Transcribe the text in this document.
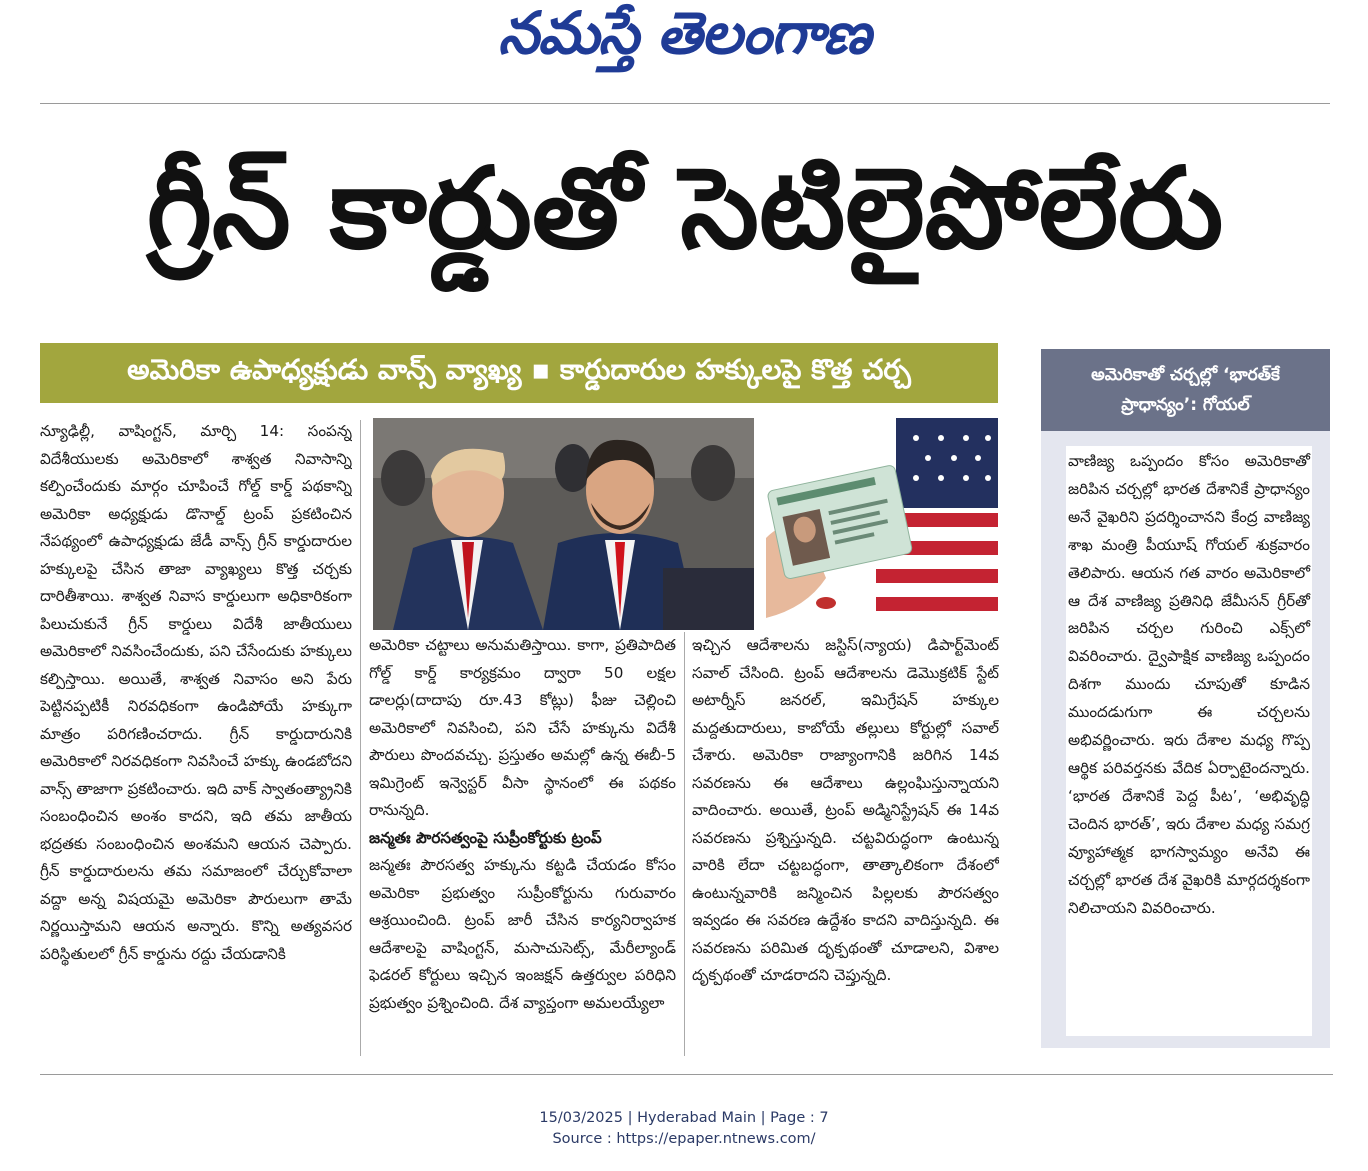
నమస్తే తెలంగాణ
గ్రీన్ కార్డుతో సెటిలైపోలేరు
అమెరికా ఉపాధ్యక్షుడు వాన్స్ వ్యాఖ్య ▪ కార్డుదారుల హక్కులపై కొత్త చర్చ	అమెరికాతో చర్చల్లో ‘భారత్‌కే ప్రాధాన్యం’: గోయల్
వాణిజ్య ఒప్పందం కోసం అమెరికాతో జరిపిన చర్చల్లో భారత దేశానికే ప్రాధాన్యం అనే వైఖరిని ప్రదర్శించానని కేంద్ర వాణిజ్య శాఖ మంత్రి పీయూష్ గోయల్ శుక్రవారం తెలిపారు. ఆయన గత వారం అమెరికాలో ఆ దేశ వాణిజ్య ప్రతినిధి జేమీసన్ గ్రీర్‌తో జరిపిన చర్చల గురించి ఎక్స్‌లో వివరించారు. ద్వైపాక్షిక వాణిజ్య ఒప్పందం దిశగా ముందు చూపుతో కూడిన ముందడుగుగా ఈ చర్చలను అభివర్ణించారు. ఇరు దేశాల మధ్య గొప్ప ఆర్థిక పరివర్తనకు వేదిక ఏర్పాటైందన్నారు. ‘భారత దేశానికే పెద్ద పీట’, ‘అభివృద్ధి చెందిన భారత్’, ఇరు దేశాల మధ్య సమగ్ర వ్యూహాత్మక భాగస్వామ్యం అనేవి ఈ చర్చల్లో భారత దేశ వైఖరికి మార్గదర్శకంగా నిలిచాయని వివరించారు.
న్యూఢిల్లీ, వాషింగ్టన్, మార్చి 14: సంపన్న విదేశీయులకు అమెరికాలో శాశ్వత నివాసాన్ని కల్పించేందుకు మార్గం చూపించే గోల్డ్ కార్డ్ పథకాన్ని అమెరికా అధ్యక్షుడు డొనాల్డ్ ట్రంప్ ప్రకటించిన నేపథ్యంలో ఉపాధ్యక్షుడు జేడీ వాన్స్ గ్రీన్ కార్డుదారుల హక్కులపై చేసిన తాజా వ్యాఖ్యలు కొత్త చర్చకు దారితీశాయి. శాశ్వత నివాస కార్డులుగా అధికారికంగా పిలుచుకునే గ్రీన్ కార్డులు విదేశీ జాతీయులు అమెరికాలో నివసించేందుకు, పని చేసేందుకు హక్కులు కల్పిస్తాయి. అయితే, శాశ్వత నివాసం అని పేరు పెట్టినప్పటికీ నిరవధికంగా ఉండిపోయే హక్కుగా మాత్రం పరిగణించరాదు. గ్రీన్ కార్డుదారునికి అమెరికాలో నిరవధికంగా నివసించే హక్కు ఉండబోదని వాన్స్ తాజాగా ప్రకటించారు. ఇది వాక్ స్వాతంత్య్రానికి సంబంధించిన అంశం కాదని, ఇది తమ జాతీయ భద్రతకు సంబంధించిన అంశమని ఆయన చెప్పారు. గ్రీన్ కార్డుదారులను తమ సమాజంలో చేర్చుకోవాలా వద్దా అన్న విషయమై అమెరికా పౌరులుగా తామే నిర్ణయిస్తామని ఆయన అన్నారు. కొన్ని అత్యవసర పరిస్థితులలో గ్రీన్ కార్డును రద్దు చేయడానికి
అమెరికా చట్టాలు అనుమతిస్తాయి. కాగా, ప్రతిపాదిత గోల్డ్ కార్డ్ కార్యక్రమం ద్వారా 50 లక్షల డాలర్లు(దాదాపు రూ.43 కోట్లు) ఫీజు చెల్లించి అమెరికాలో నివసించి, పని చేసే హక్కును విదేశీ పౌరులు పొందవచ్చు. ప్రస్తుతం అమల్లో ఉన్న ఈబీ-5 ఇమిగ్రెంట్ ఇన్వెస్టర్ వీసా స్థానంలో ఈ పథకం రానున్నది.
జన్మతః పౌరసత్వంపై సుప్రీంకోర్టుకు ట్రంప్
జన్మతః పౌరసత్వ హక్కును కట్టడి చేయడం కోసం అమెరికా ప్రభుత్వం సుప్రీంకోర్టును గురువారం ఆశ్రయించింది. ట్రంప్ జారీ చేసిన కార్యనిర్వాహక ఆదేశాలపై వాషింగ్టన్, మసాచుసెట్స్, మేరీల్యాండ్ ఫెడరల్ కోర్టులు ఇచ్చిన ఇంజక్షన్ ఉత్తర్వుల పరిధిని ప్రభుత్వం ప్రశ్నించింది. దేశ వ్యాప్తంగా అమలయ్యేలా
ఇచ్చిన ఆదేశాలను జస్టిస్(న్యాయ) డిపార్ట్‌మెంట్ సవాల్ చేసింది. ట్రంప్ ఆదేశాలను డెమొక్రటిక్ స్టేట్ అటార్నీస్ జనరల్, ఇమిగ్రేషన్ హక్కుల మద్దతుదారులు, కాబోయే తల్లులు కోర్టుల్లో సవాల్ చేశారు. అమెరికా రాజ్యాంగానికి జరిగిన 14వ సవరణను ఈ ఆదేశాలు ఉల్లంఘిస్తున్నాయని వాదించారు. అయితే, ట్రంప్ అడ్మినిస్ట్రేషన్ ఈ 14వ సవరణను ప్రశ్నిస్తున్నది. చట్టవిరుద్ధంగా ఉంటున్న వారికి లేదా చట్టబద్ధంగా, తాత్కాలికంగా దేశంలో ఉంటున్నవారికి జన్మించిన పిల్లలకు పౌరసత్వం ఇవ్వడం ఈ సవరణ ఉద్దేశం కాదని వాదిస్తున్నది. ఈ సవరణను పరిమిత దృక్పథంతో చూడాలని, విశాల దృక్పథంతో చూడరాదని చెప్తున్నది.
15/03/2025 | Hyderabad Main | Page : 7
Source : https://epaper.ntnews.com/
